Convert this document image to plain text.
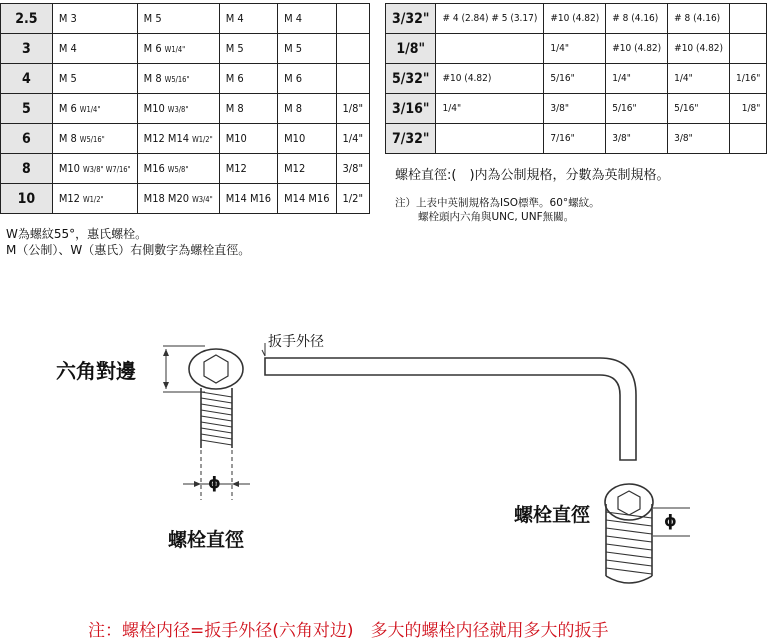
2.5	M 3	M 5	M 4	M 4	
3	M 4	M 6 W1/4"	M 5	M 5	
4	M 5	M 8 W5/16"	M 6	M 6	
5	M 6 W1/4"	M10 W3/8"	M 8	M 8	1/8"
6	M 8 W5/16"	M12 M14 W1/2"	M10	M10	1/4"
8	M10 W3/8" W7/16"	M16 W5/8"	M12	M12	3/8"
10	M12 W1/2"	M18 M20 W3/4"	M14 M16	M14 M16	1/2"
3/32"	# 4 (2.84) # 5 (3.17)	#10 (4.82)	# 8 (4.16)	# 8 (4.16)	
1/8"		1/4"	#10 (4.82)	#10 (4.82)	
5/32"	#10 (4.82)	5/16"	1/4"	1/4"	1/16"
3/16"	1/4"	3/8"	5/16"	5/16"	1/8"
7/32"		7/16"	3/8"	3/8"	
W為螺紋55°，惠氏螺栓。
M（公制）、W（惠氏）右側數字為螺栓直徑。
螺栓直徑:(　)内為公制規格，分數為英制規格。
注）上表中英制規格為ISO標準。60°螺紋。
螺栓頭内六角與UNC, UNF無關。
六角對邊
扳手外径
ϕ
螺栓直徑
螺栓直徑	ϕ
注：螺栓内径=扳手外径(六角对边)　多大的螺栓内径就用多大的扳手
